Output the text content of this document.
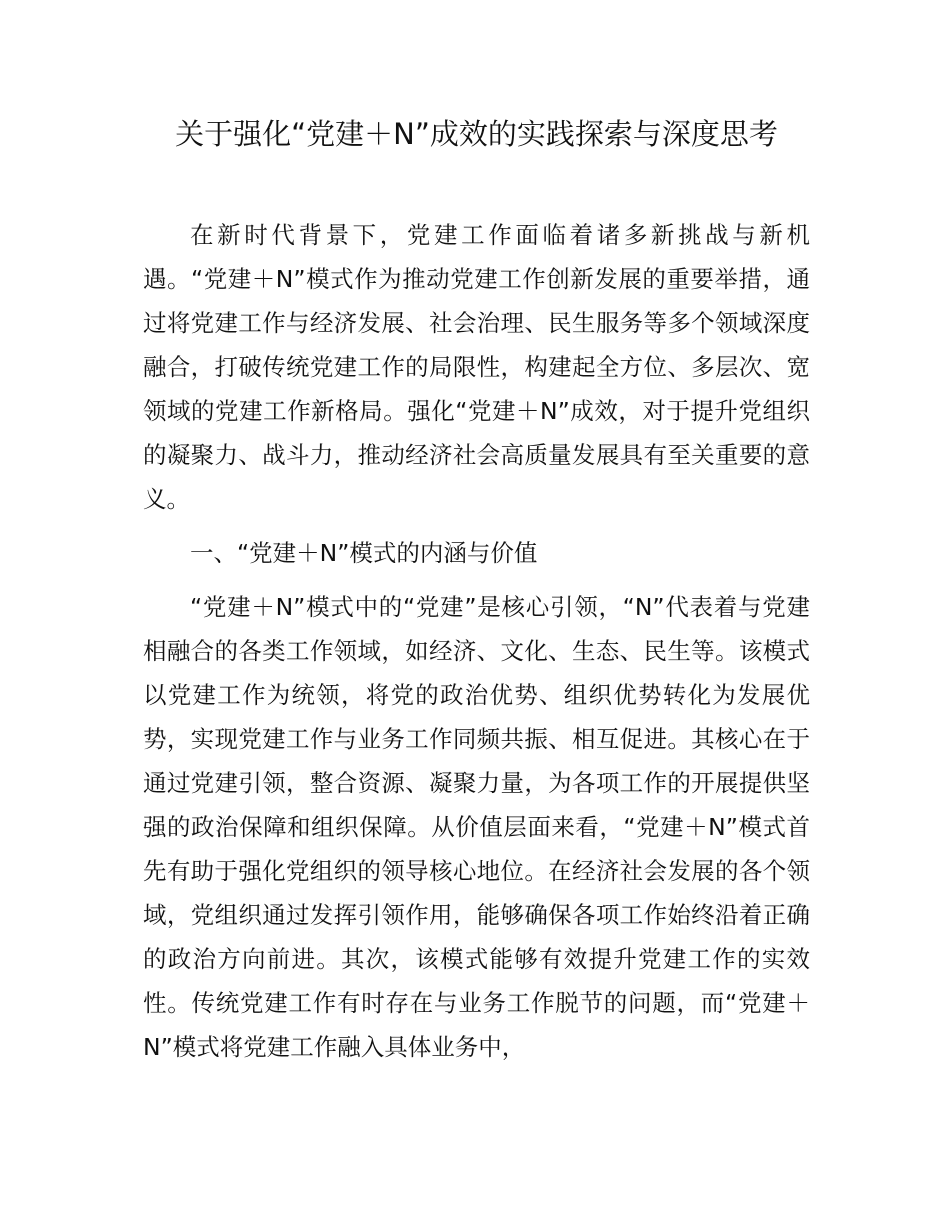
关于强化“党建＋N”成效的实践探索与深度思考

在新时代背景下，党建工作面临着诸多新挑战与新机遇。“党建＋N”模式作为推动党建工作创新发展的重要举措，通过将党建工作与经济发展、社会治理、民生服务等多个领域深度融合，打破传统党建工作的局限性，构建起全方位、多层次、宽领域的党建工作新格局。强化“党建＋N”成效，对于提升党组织的凝聚力、战斗力，推动经济社会高质量发展具有至关重要的意义。

一、“党建＋N”模式的内涵与价值

“党建＋N”模式中的“党建”是核心引领，“N”代表着与党建相融合的各类工作领域，如经济、文化、生态、民生等。该模式以党建工作为统领，将党的政治优势、组织优势转化为发展优势，实现党建工作与业务工作同频共振、相互促进。其核心在于通过党建引领，整合资源、凝聚力量，为各项工作的开展提供坚强的政治保障和组织保障。从价值层面来看，“党建＋N”模式首先有助于强化党组织的领导核心地位。在经济社会发展的各个领域，党组织通过发挥引领作用，能够确保各项工作始终沿着正确的政治方向前进。其次，该模式能够有效提升党建工作的实效性。传统党建工作有时存在与业务工作脱节的问题，而“党建＋N”模式将党建工作融入具体业务中，
